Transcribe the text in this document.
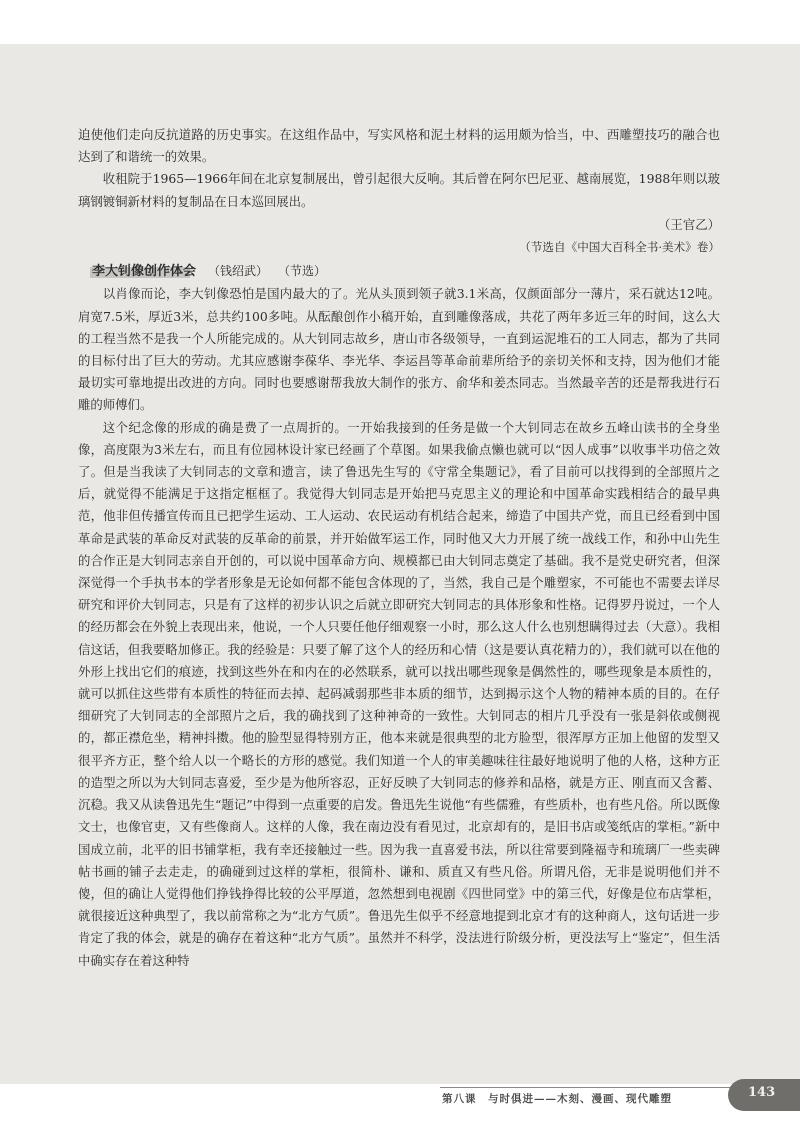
迫使他们走向反抗道路的历史事实。在这组作品中，写实风格和泥土材料的运用颇为恰当，中、西雕塑技巧的融合也达到了和谐统一的效果。

收租院于1965—1966年间在北京复制展出，曾引起很大反响。其后曾在阿尔巴尼亚、越南展览，1988年则以玻璃钢镀铜新材料的复制品在日本巡回展出。

（王官乙）

（节选自《中国大百科全书·美术》卷）

李大钊像创作体会 （钱绍武） （节选）

以肖像而论，李大钊像恐怕是国内最大的了。光从头顶到领子就3.1米高，仅颜面部分一薄片，采石就达12吨。肩宽7.5米，厚近3米，总共约100多吨。从酝酿创作小稿开始，直到雕像落成，共花了两年多近三年的时间，这么大的工程当然不是我一个人所能完成的。从大钊同志故乡，唐山市各级领导，一直到运泥堆石的工人同志，都为了共同的目标付出了巨大的劳动。尤其应感谢李葆华、李光华、李运昌等革命前辈所给予的亲切关怀和支持，因为他们才能最切实可靠地提出改进的方向。同时也要感谢帮我放大制作的张方、俞华和姜杰同志。当然最辛苦的还是帮我进行石雕的师傅们。

这个纪念像的形成的确是费了一点周折的。一开始我接到的任务是做一个大钊同志在故乡五峰山读书的全身坐像，高度限为3米左右，而且有位园林设计家已经画了个草图。如果我偷点懒也就可以“因人成事”以收事半功倍之效了。但是当我读了大钊同志的文章和遗言，读了鲁迅先生写的《守常全集题记》，看了目前可以找得到的全部照片之后，就觉得不能满足于这指定框框了。我觉得大钊同志是开始把马克思主义的理论和中国革命实践相结合的最早典范，他非但传播宣传而且已把学生运动、工人运动、农民运动有机结合起来，缔造了中国共产党，而且已经看到中国革命是武装的革命反对武装的反革命的前景，并开始做军运工作，同时他又大力开展了统一战线工作，和孙中山先生的合作正是大钊同志亲自开创的，可以说中国革命方向、规模都已由大钊同志奠定了基础。我不是党史研究者，但深深觉得一个手执书本的学者形象是无论如何都不能包含体现的了，当然，我自己是个雕塑家，不可能也不需要去详尽研究和评价大钊同志，只是有了这样的初步认识之后就立即研究大钊同志的具体形象和性格。记得罗丹说过，一个人的经历都会在外貌上表现出来，他说，一个人只要任他仔细观察一小时，那么这人什么也别想瞒得过去（大意）。我相信这话，但我要略加修正。我的经验是：只要了解了这个人的经历和心情（这是要认真花精力的），我们就可以在他的外形上找出它们的痕迹，找到这些外在和内在的必然联系，就可以找出哪些现象是偶然性的，哪些现象是本质性的，就可以抓住这些带有本质性的特征而去掉、起码减弱那些非本质的细节，达到揭示这个人物的精神本质的目的。在仔细研究了大钊同志的全部照片之后，我的确找到了这种神奇的一致性。大钊同志的相片几乎没有一张是斜依或侧视的，都正襟危坐，精神抖擞。他的脸型显得特别方正，他本来就是很典型的北方脸型，很浑厚方正加上他留的发型又很平齐方正，整个给人以一个略长的方形的感觉。我们知道一个人的审美趣味往往最好地说明了他的人格，这种方正的造型之所以为大钊同志喜爱，至少是为他所容忍，正好反映了大钊同志的修养和品格，就是方正、刚直而又含蓄、沉稳。我又从读鲁迅先生“题记”中得到一点重要的启发。鲁迅先生说他“有些儒雅，有些质朴，也有些凡俗。所以既像文士，也像官吏，又有些像商人。这样的人像，我在南边没有看见过，北京却有的，是旧书店或笺纸店的掌柜。”新中国成立前，北平的旧书铺掌柜，我有幸还接触过一些。因为我一直喜爱书法，所以往常要到隆福寺和琉璃厂一些卖碑帖书画的铺子去走走，的确碰到过这样的掌柜，很简朴、谦和、质直又有些凡俗。所谓凡俗，无非是说明他们并不傻，但的确让人觉得他们挣钱挣得比较的公平厚道，忽然想到电视剧《四世同堂》中的第三代，好像是位布店掌柜，就很接近这种典型了，我以前常称之为“北方气质”。鲁迅先生似乎不经意地提到北京才有的这种商人，这句话进一步肯定了我的体会，就是的确存在着这种“北方气质”。虽然并不科学，没法进行阶级分析，更没法写上“鉴定”，但生活中确实存在着这种特

第八课　与时俱进——木刻、漫画、现代雕塑	143
